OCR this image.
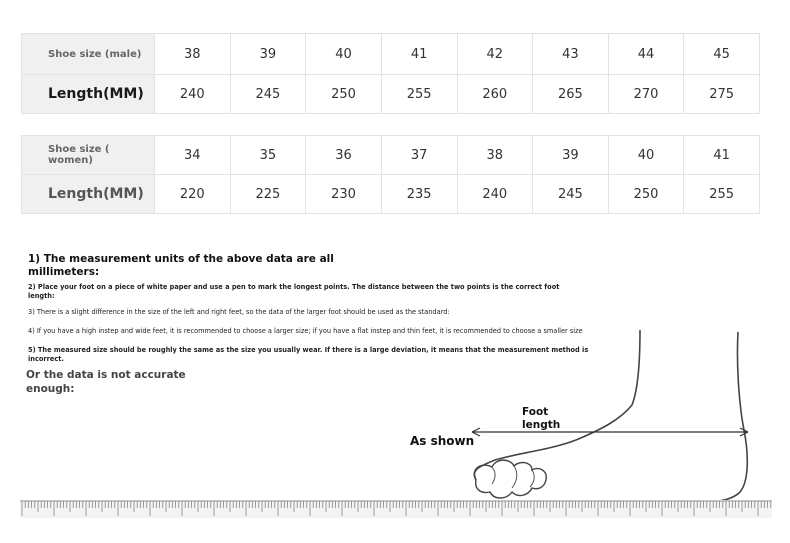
Shoe size (male)	38	39	40	41	42	43	44	45
Length(MM)	240	245	250	255	260	265	270	275
Shoe size (
women)	34	35	36	37	38	39	40	41
Length(MM)	220	225	230	235	240	245	250	255
1) The measurement units of the above data are all
millimeters:
2) Place your foot on a piece of white paper and use a pen to mark the longest points. The distance between the two points is the correct foot length:
3) There is a slight difference in the size of the left and right feet, so the data of the larger foot should be used as the standard:
4) If you have a high instep and wide feet, it is recommended to choose a larger size; if you have a flat instep and thin feet, it is recommended to choose a smaller size
5) The measured size should be roughly the same as the size you usually wear. If there is a large deviation, it means that the measurement method is incorrect.
Or the data is not accurate enough:
As shown
Foot
length
